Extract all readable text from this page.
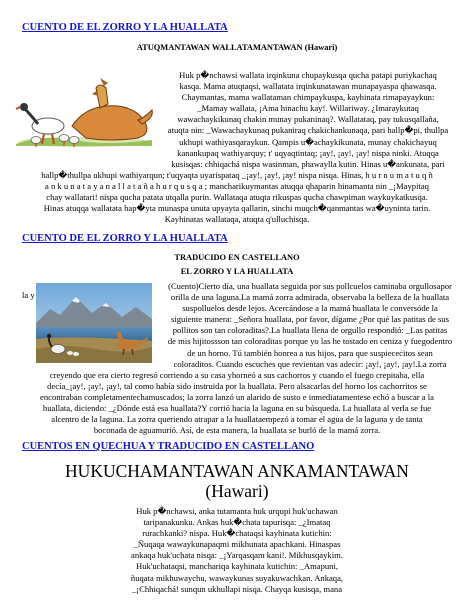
CUENTO DE EL ZORRO Y LA HUALLATA
ATUQMANTAWAN WALLATAMANTAWAN (Hawari)
Huk p�nchawsi wallata irqinkuna chupaykusqa qucha patapi puriykachaq
kasqa. Mama atuqtaqsi, wallatata irqinkunatawan munapayaspa qhawasqa.
Chaymantas, mama wallataman chimpaykuspa, kayhinata rimapayaykun:
_Mamay wallata, ¡Ama hinachu kay!. Willariway. ¿Imaraykutaq
wawachaykikunaq chakin munay pukaninaq?. Wallatataq, pay tukusqallaña,
atuqta nin: _Wawachaykunaq pukaniraq chakichankunaqa, pari hallp�pi, thullpa
ukhupi wathiyasqaraykun. Qampis u�achaykikunata, munay chakichayuq
kanankupaq wathiyarquy; t' uqyaqtintaq; ¡ay!, ¡ay!, ¡ay! nispa ninki. Atuqqa
kusisqas: chhiqachá nispa wasinman, phawaylla kutin. Hinas u�ankunata, pari
hallp�thullpa ukhupi wathiyarqun; t'uqyaqta uyarispataq _¡ay!, ¡ay!, ¡ay! nispa nisqa. Hinas, h u r n u m a t u q ñ
a n k u n a t a y a n a l l a t a ñ a h u r q u s q a ; mancharikuymantas atuqqa qhaparin hinamanta nin _¡Maypitaq
chay wallatari! nispa qucha patata utqalla purin. Wallataqa atuqta rikuspas qucha chawpiman waykuykatkusqa.
Hinas atuqqa wallatata hap�yta munaspa unuta upyayta qallarin, sinchi muqch�qanmantas wa�uyninta tarin.
Kayhinatas wallataqa, atuqta q'ulluchisqa.
CUENTO DE EL ZORRO Y LA HUALLATA
TRADUCIDO EN CASTELLANO
EL ZORRO Y LA HUALLATA
la y
(Cuento)Cierto día, una huallata seguida por sus pollcuelos caminaba orgullosapor
orilla de una laguna.La mamá zorra admirada, observaba la belleza de la huallata
suspolluelos desde lejos. Acercándose a la mamá huallata le conversóde la
siguiente manera: _Señora huallata, por favor, dígame ¿Por qué las patitas de sus
pollitos son tan coloraditas?.La huallata llena de orgullo respondió: _Las patitas
de mis hijitossson tan coloraditas porque yo las he tostado en ceniza y fuegodentro
de un horno. Tú también honrea a tus hijos, para que suspiececitos sean
coloraditos. Cuando escuches que revientan vas adecir: ¡ay!, ¡ay!, ¡ay!.La zorra
creyendo que era cierto regresó corriendo a su casa yhorneó a sus cachorros y cuando el fuego crepitaba, ella
decía_¡ay!, ¡ay!, ¡ay!, tal como había sido instruida por la huallata. Pero alsacarlas del horno los cachorritos se
encontraban completamentechamuscados; la zorra lanzó un alarido de susto e inmediatamentese echó a buscar a la
huallata, diciendo: _¿Dónde está esa huallata?Y corrió hacia la laguna en su búsqueda. La huallata al verla se fue
alcentro de la laguna. La zorra queriendo atrapar a la huallataempezó a tomar el agua de la laguna y de tanta
boconada de aguamurió. Así, de esta manera, la huallata se burló de la mamá zorra.
CUENTOS EN QUECHUA Y TRADUCIDO EN CASTELLANO
HUKUCHAMANTAWAN ANKAMANTAWAN
(Hawari)
Huk p�nchawsi, anka tutamanta huk urqupi huk'uchawan
taripanakunku. Ankas huk�chata tapurisqa: _¿Imataq
rurachkanki? nispa. Huk�chataqsi kayhinata kutichin:
_Ñuqaqa wawaykunapaqmi mikhunata apachkani. Hinaspas
ankaqa huk'uchata nisqa: _¡Yarqasqam kani!. Mikhusqaykim.
Huk'uchataqsi, manchariqa kayhinata kutichin: _Amapuni,
ñuqata mikhuwaychu, wawaykunas suyakuwachkan. Ankaqa,
_¡Chhiqachá! sunqun ukhullapi nisqa. Chayqa kusisqa, mana
